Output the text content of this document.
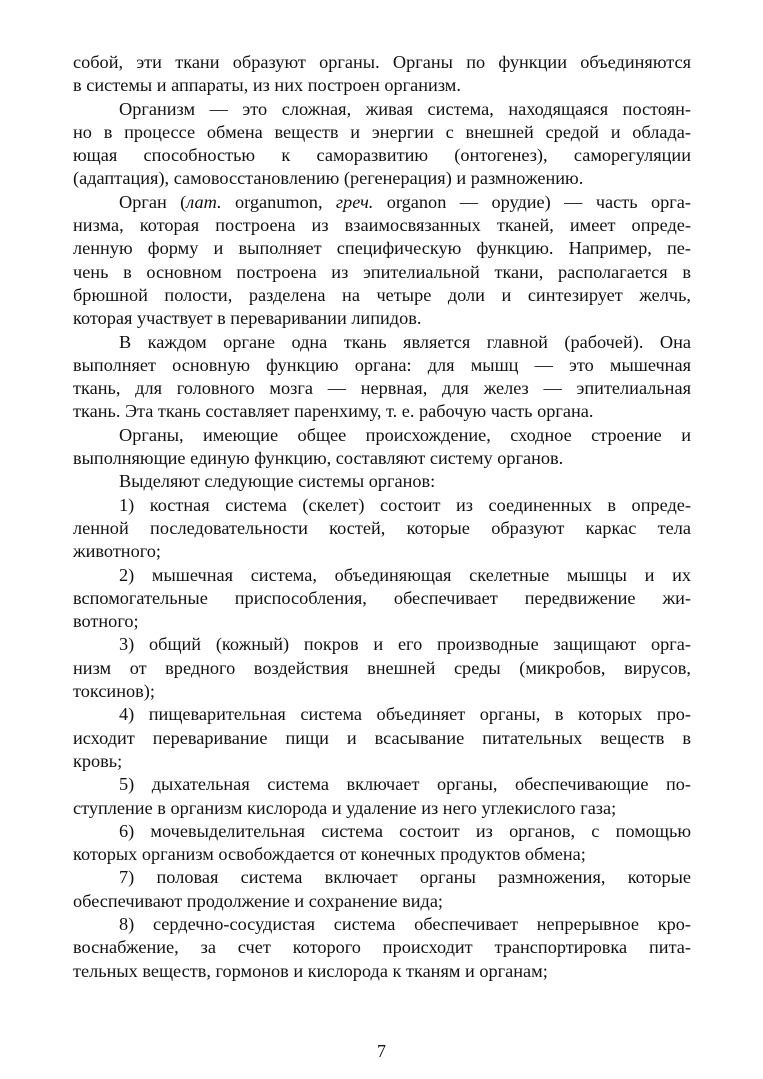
собой, эти ткани образуют органы. Органы по функции объединяются
в системы и аппараты, из них построен организм.
Организм — это сложная, живая система, находящаяся постоян-
но в процессе обмена веществ и энергии с внешней средой и облада-
ющая способностью к саморазвитию (онтогенез), саморегуляции
(адаптация), самовосстановлению (регенерация) и размножению.
Орган (лат. organumon, греч. organon — орудие) — часть орга-
низма, которая построена из взаимосвязанных тканей, имеет опреде-
ленную форму и выполняет специфическую функцию. Например, пе-
чень в основном построена из эпителиальной ткани, располагается в
брюшной полости, разделена на четыре доли и синтезирует желчь,
которая участвует в переваривании липидов.
В каждом органе одна ткань является главной (рабочей). Она
выполняет основную функцию органа: для мышц — это мышечная
ткань, для головного мозга — нервная, для желез — эпителиальная
ткань. Эта ткань составляет паренхиму, т. е. рабочую часть органа.
Органы, имеющие общее происхождение, сходное строение и
выполняющие единую функцию, составляют систему органов.
Выделяют следующие системы органов:
1) костная система (скелет) состоит из соединенных в опреде-
ленной последовательности костей, которые образуют каркас тела
животного;
2) мышечная система, объединяющая скелетные мышцы и их
вспомогательные приспособления, обеспечивает передвижение жи-
вотного;
3) общий (кожный) покров и его производные защищают орга-
низм от вредного воздействия внешней среды (микробов, вирусов,
токсинов);
4) пищеварительная система объединяет органы, в которых про-
исходит переваривание пищи и всасывание питательных веществ в
кровь;
5) дыхательная система включает органы, обеспечивающие по-
ступление в организм кислорода и удаление из него углекислого газа;
6) мочевыделительная система состоит из органов, с помощью
которых организм освобождается от конечных продуктов обмена;
7) половая система включает органы размножения, которые
обеспечивают продолжение и сохранение вида;
8) сердечно-сосудистая система обеспечивает непрерывное кро-
воснабжение, за счет которого происходит транспортировка пита-
тельных веществ, гормонов и кислорода к тканям и органам;
7
